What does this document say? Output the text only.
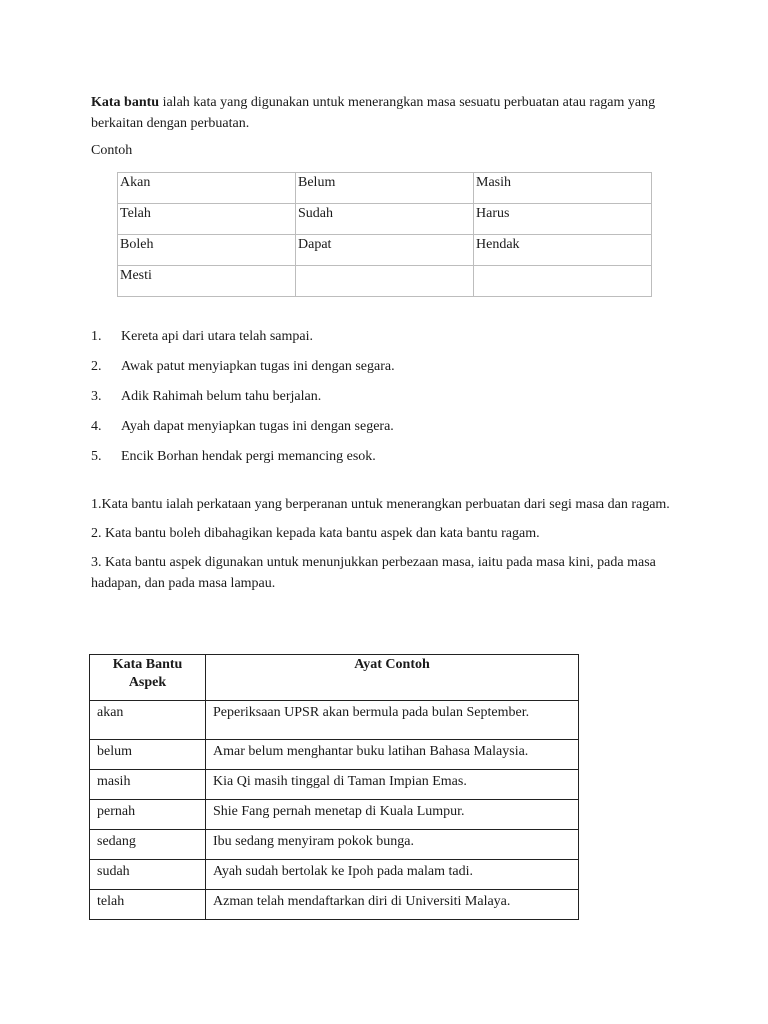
Kata bantu ialah kata yang digunakan untuk menerangkan masa sesuatu perbuatan atau ragam yang berkaitan dengan perbuatan.

Contoh

Akan	Belum	Masih
Telah	Sudah	Harus
Boleh	Dapat	Hendak
Mesti		
1.	Kereta api dari utara telah sampai.
2.	Awak patut menyiapkan tugas ini dengan segara.
3.	Adik Rahimah belum tahu berjalan.
4.	Ayah dapat menyiapkan tugas ini dengan segera.
5.	Encik Borhan hendak pergi memancing esok.

1.Kata bantu ialah perkataan yang berperanan untuk menerangkan perbuatan dari segi masa dan ragam.

2. Kata bantu boleh dibahagikan kepada kata bantu aspek dan kata bantu ragam.

3. Kata bantu aspek digunakan untuk menunjukkan perbezaan masa, iaitu pada masa kini, pada masa hadapan, dan pada masa lampau.

Kata Bantu Aspek	Ayat Contoh
akan	Peperiksaan UPSR akan bermula pada bulan September.
belum	Amar belum menghantar buku latihan Bahasa Malaysia.
masih	Kia Qi masih tinggal di Taman Impian Emas.
pernah	Shie Fang pernah menetap di Kuala Lumpur.
sedang	Ibu sedang menyiram pokok bunga.
sudah	Ayah sudah bertolak ke Ipoh pada malam tadi.
telah	Azman telah mendaftarkan diri di Universiti Malaya.
